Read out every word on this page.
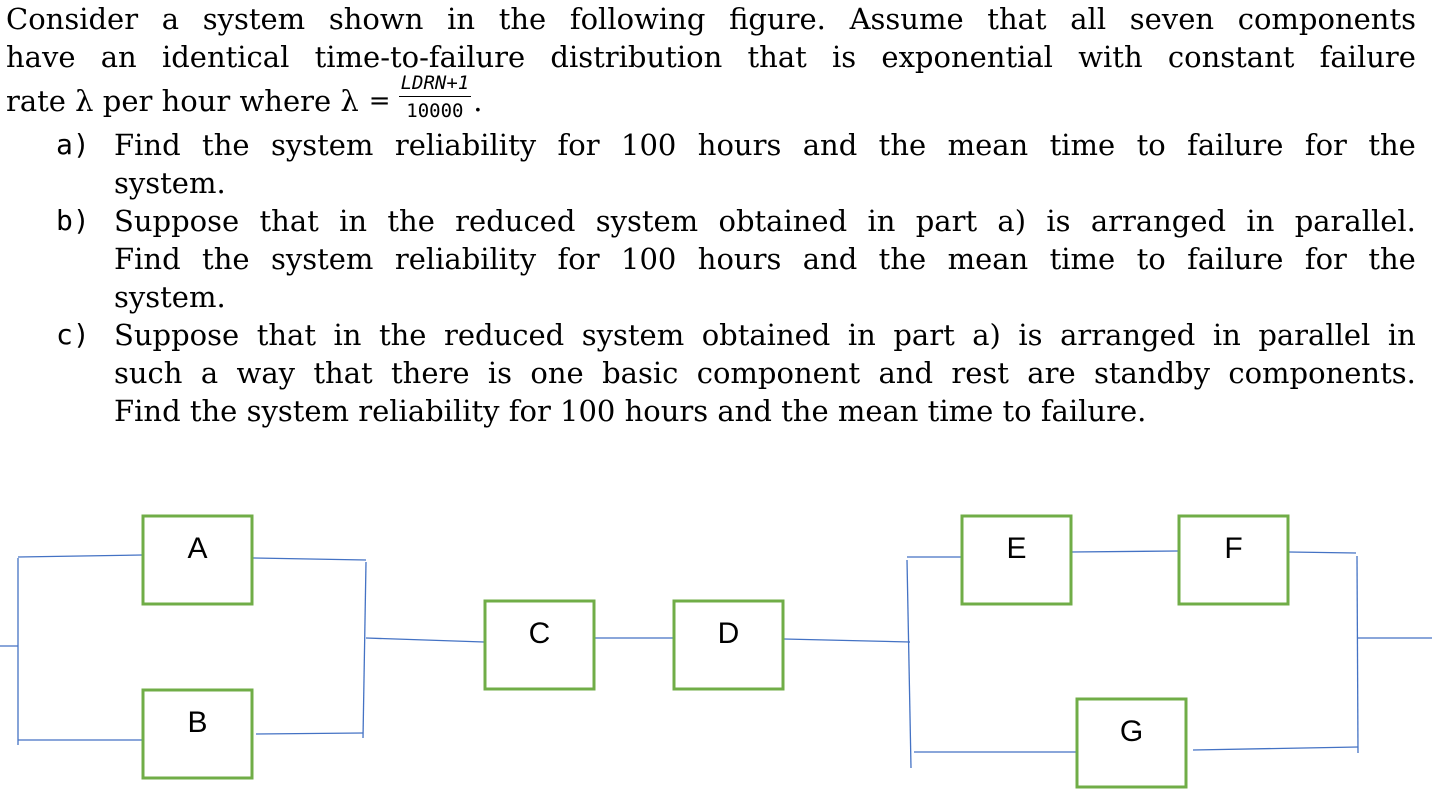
Consider a system shown in the following figure. Assume that all seven components
have an identical time-to-failure distribution that is exponential with constant failure
rate λ per hour where $\lambda = \frac{\text{LDRN+1}}{10000}$ .
a) Find the system reliability for 100 hours and the mean time to failure for the
system.
b) Suppose that in the reduced system obtained in part a) is arranged in parallel.
Find the system reliability for 100 hours and the mean time to failure for the
system.
c) Suppose that in the reduced system obtained in part a) is arranged in parallel in
such a way that there is one basic component and rest are standby components.
Find the system reliability for 100 hours and the mean time to failure.
A
B
C	D
E	F
G
